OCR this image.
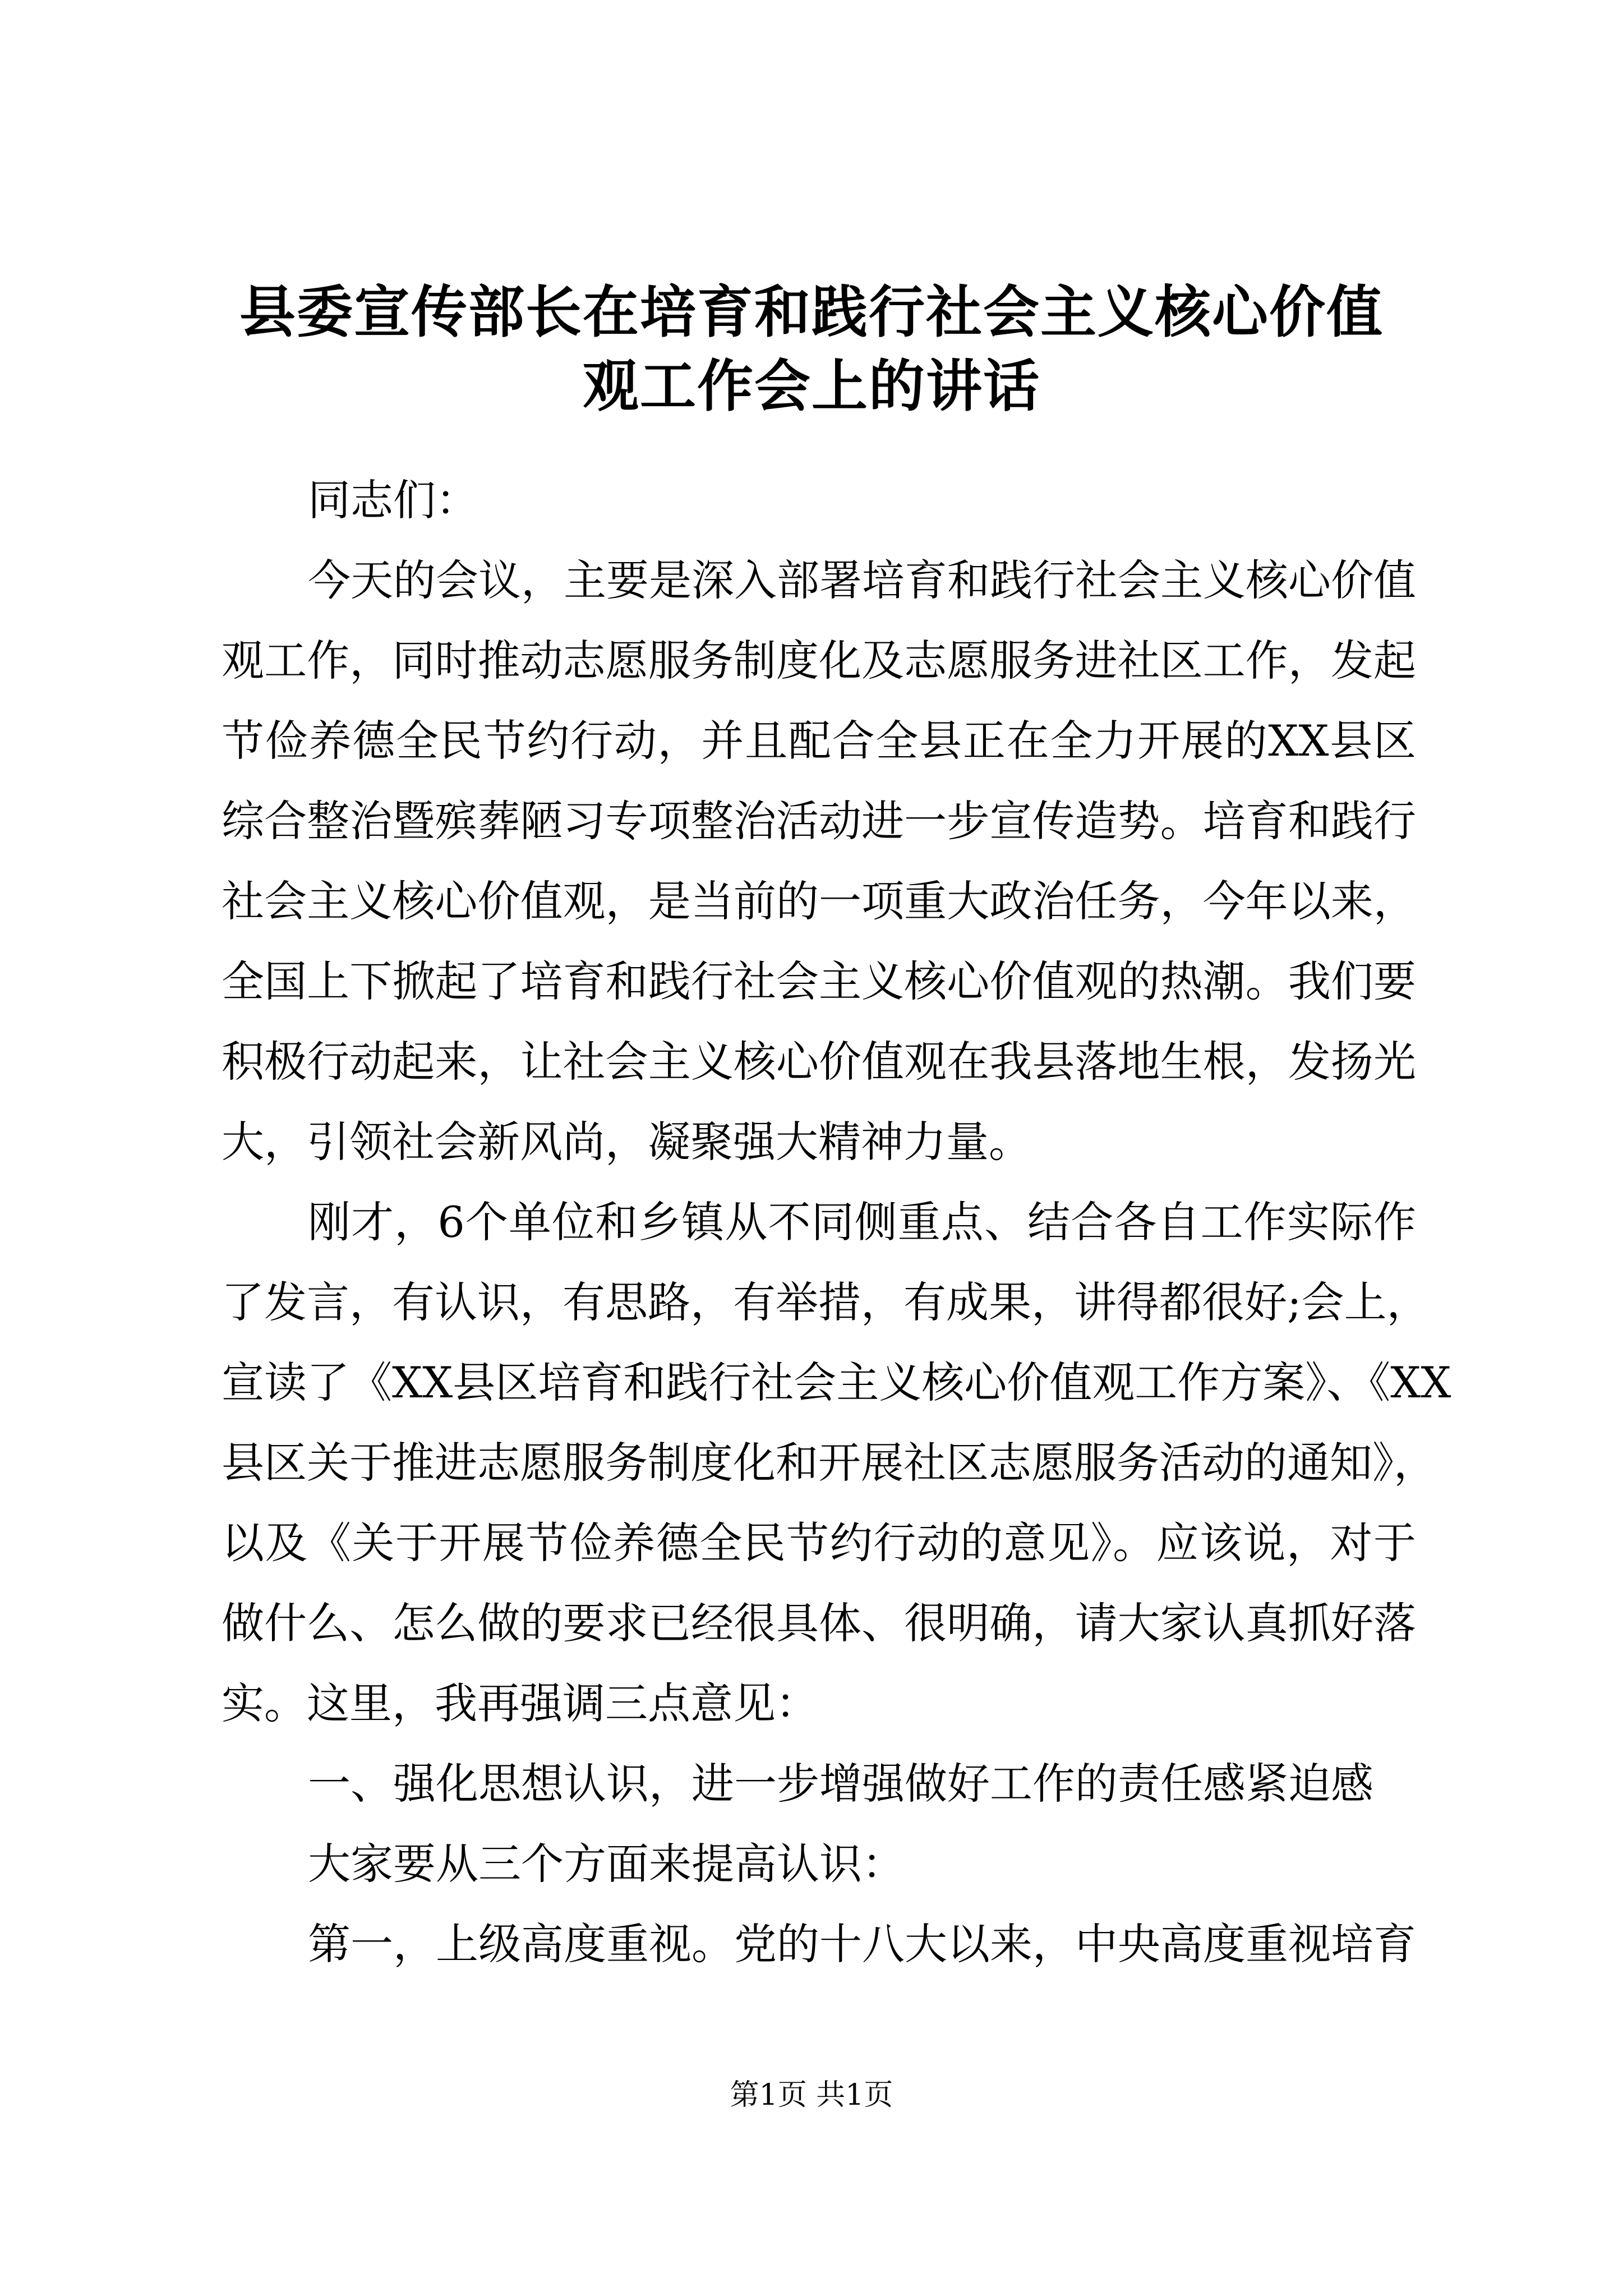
县委宣传部长在培育和践行社会主义核心价值
观工作会上的讲话
同志们：
今天的会议，主要是深入部署培育和践行社会主义核心价值
观工作，同时推动志愿服务制度化及志愿服务进社区工作，发起
节俭养德全民节约行动，并且配合全县正在全力开展的XX县区
综合整治暨殡葬陋习专项整治活动进一步宣传造势。培育和践行
社会主义核心价值观，是当前的一项重大政治任务，今年以来，
全国上下掀起了培育和践行社会主义核心价值观的热潮。我们要
积极行动起来，让社会主义核心价值观在我县落地生根，发扬光
大，引领社会新风尚，凝聚强大精神力量。
刚才，6个单位和乡镇从不同侧重点、结合各自工作实际作
了发言，有认识，有思路，有举措，有成果，讲得都很好;会上，
宣读了《XX县区培育和践行社会主义核心价值观工作方案》、《XX
县区关于推进志愿服务制度化和开展社区志愿服务活动的通知》，
以及《关于开展节俭养德全民节约行动的意见》。应该说，对于
做什么、怎么做的要求已经很具体、很明确，请大家认真抓好落
实。这里，我再强调三点意见：
一、强化思想认识，进一步增强做好工作的责任感紧迫感
大家要从三个方面来提高认识：
第一，上级高度重视。党的十八大以来，中央高度重视培育
第1页 共1页
